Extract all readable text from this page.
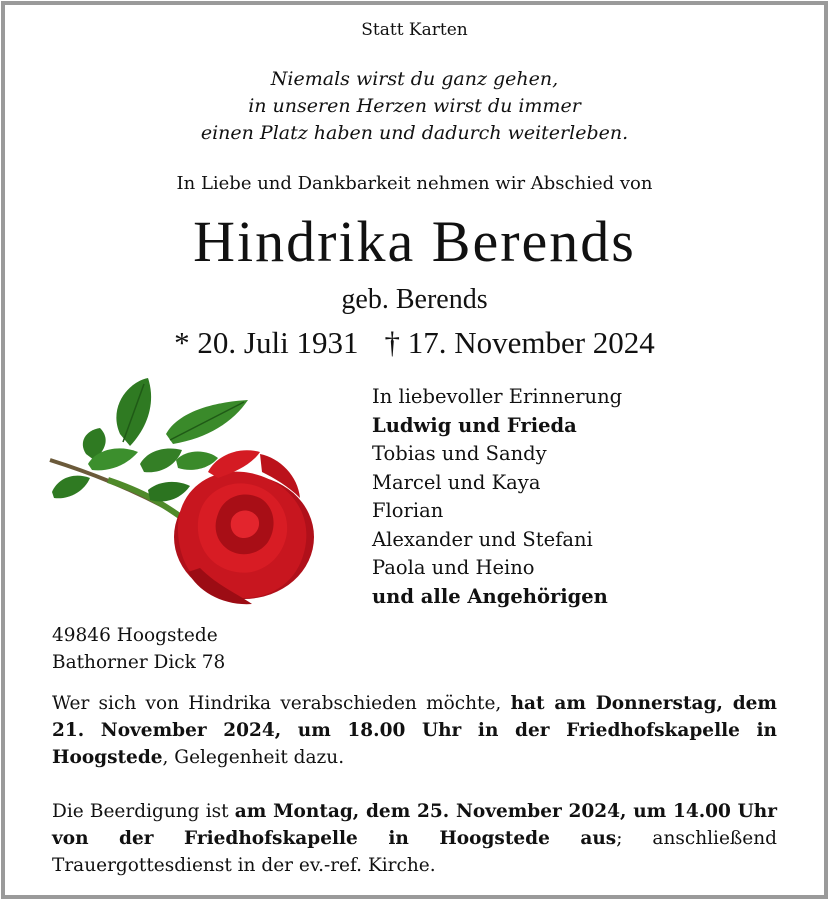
Statt Karten
Niemals wirst du ganz gehen,
in unseren Herzen wirst du immer
einen Platz haben und dadurch weiterleben.
In Liebe und Dankbarkeit nehmen wir Abschied von
Hindrika Berends
geb. Berends
* 20. Juli 1931 † 17. November 2024
In liebevoller Erinnerung
Ludwig und Frieda
Tobias und Sandy
Marcel und Kaya
Florian
Alexander und Stefani
Paola und Heino
und alle Angehörigen
49846 Hoogstede
Bathorner Dick 78
Wer sich von Hindrika verabschieden möchte, hat am Donnerstag, dem 21. November 2024, um 18.00 Uhr in der Friedhofskapelle in Hoogstede, Gelegenheit dazu.
Die Beerdigung ist am Montag, dem 25. November 2024, um 14.00 Uhr von der Friedhofskapelle in Hoogstede aus; anschließend Trauergottesdienst in der ev.-ref. Kirche.
